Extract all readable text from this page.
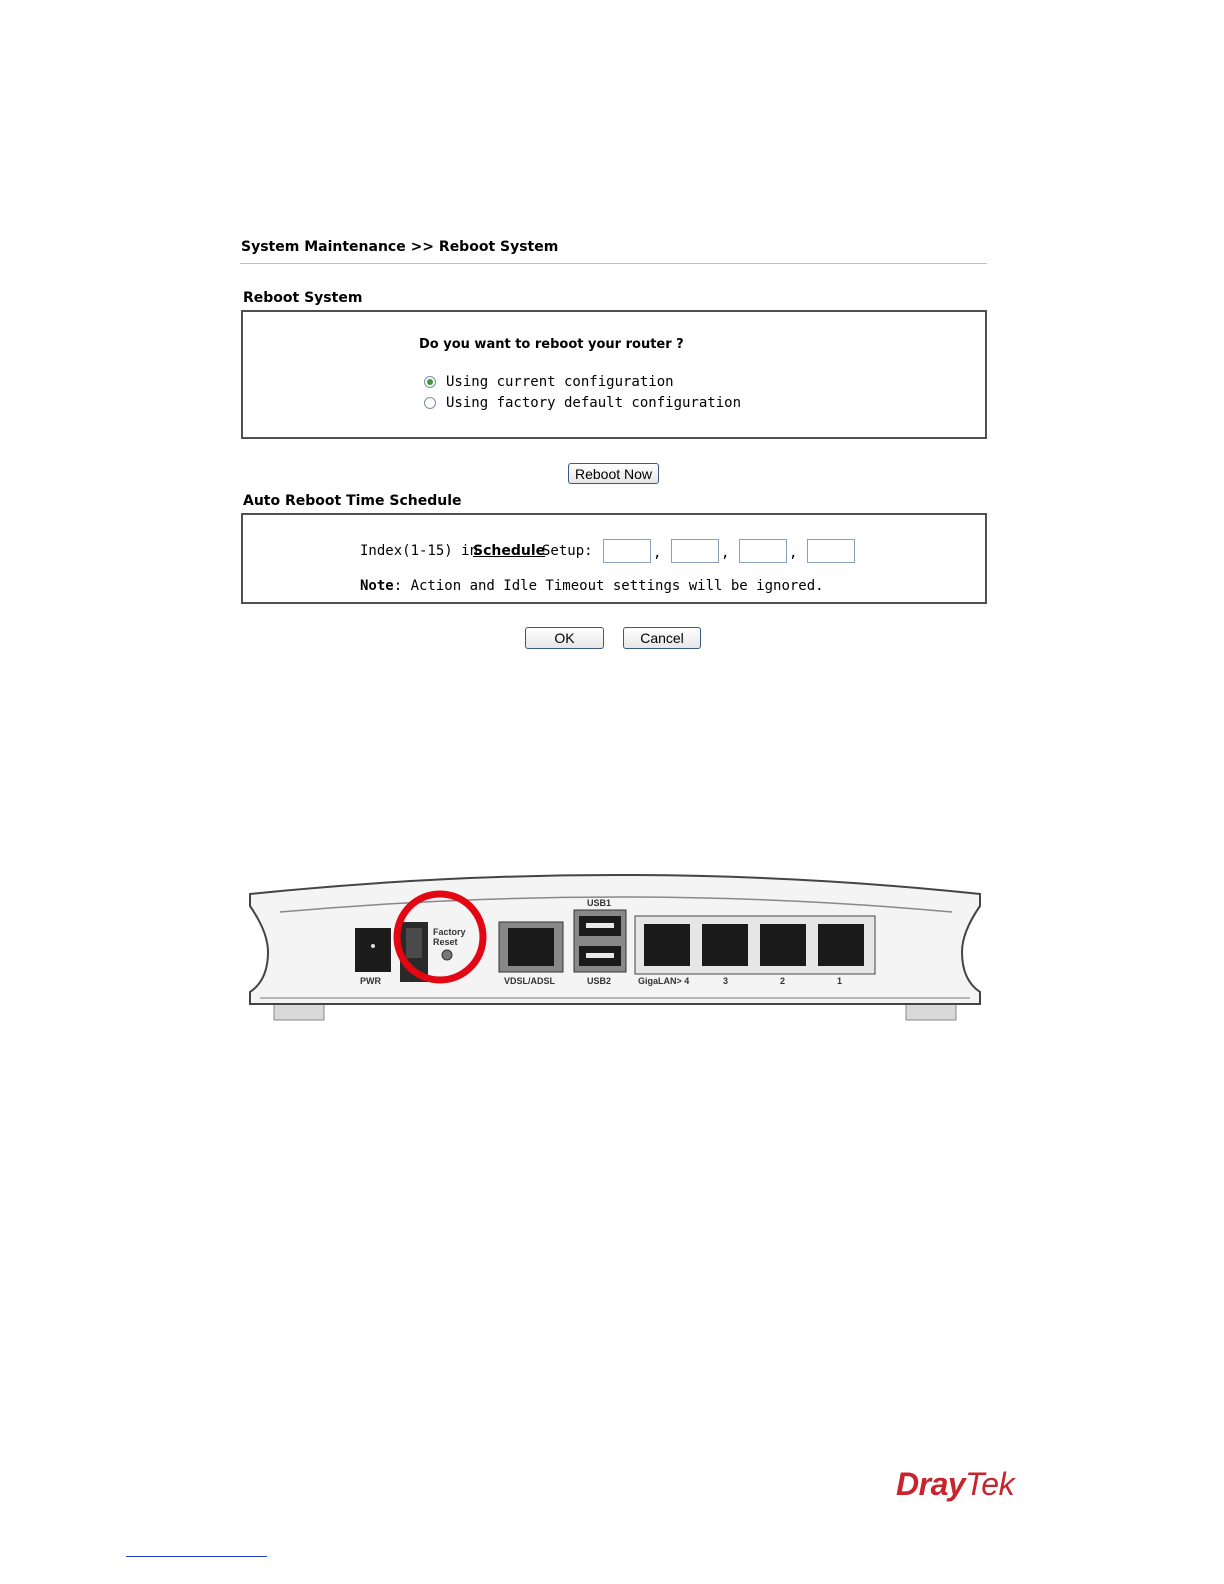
System Maintenance >> Reboot System
Reboot System
Do you want to reboot your router ?
Using current configuration
Using factory default configuration
Reboot Now
Auto Reboot Time Schedule
Index(1-15) in
Schedule
Setup:	,	,	,
Note: Action and Idle Timeout settings will be ignored.
OK	Cancel
PWR
Factory
Reset
VDSL/ADSL
USB1
USB2	GigaLAN> 4	3	2	1
DrayTek
